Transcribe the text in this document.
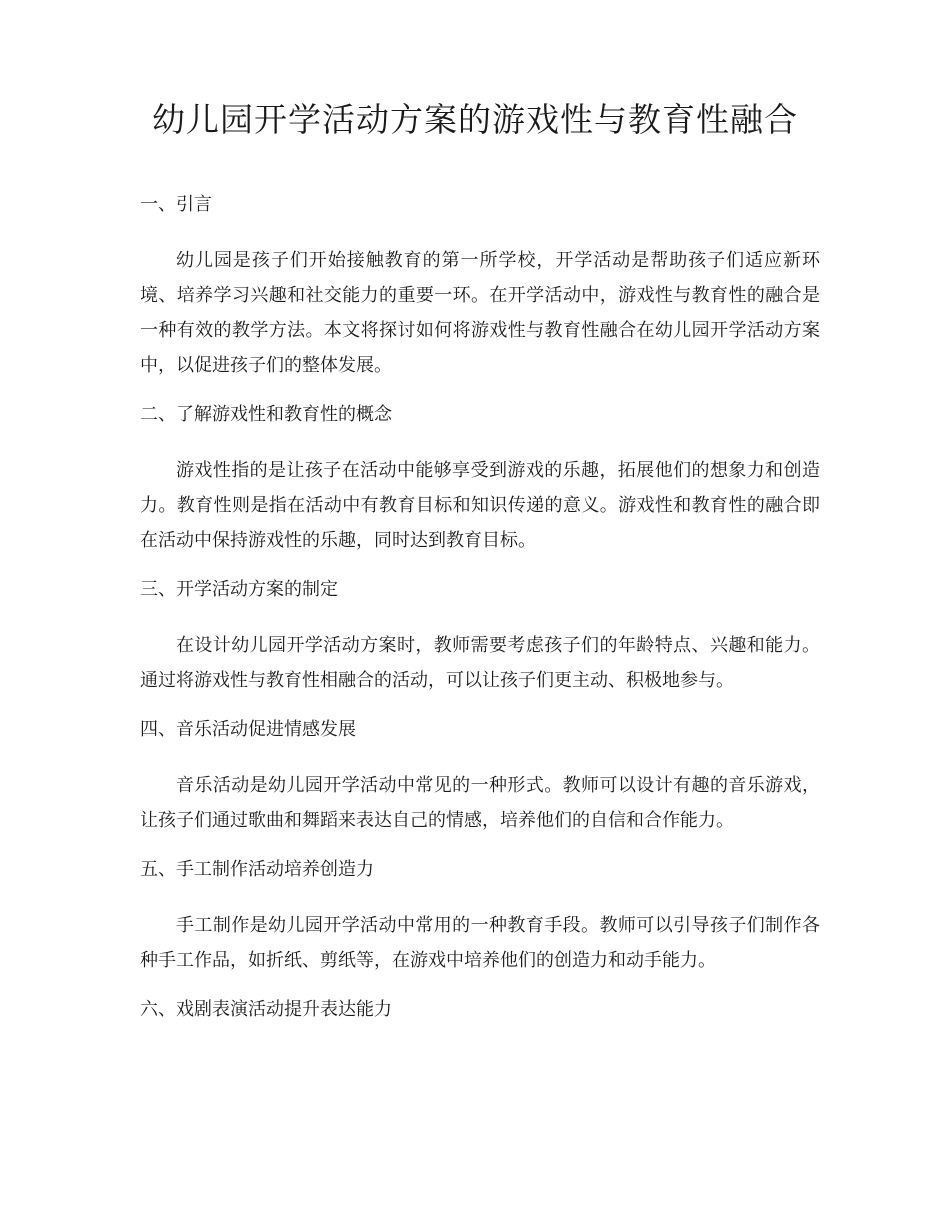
幼儿园开学活动方案的游戏性与教育性融合
一、引言

幼儿园是孩子们开始接触教育的第一所学校，开学活动是帮助孩子们适应新环境、培养学习兴趣和社交能力的重要一环。在开学活动中，游戏性与教育性的融合是一种有效的教学方法。本文将探讨如何将游戏性与教育性融合在幼儿园开学活动方案中，以促进孩子们的整体发展。

二、了解游戏性和教育性的概念

游戏性指的是让孩子在活动中能够享受到游戏的乐趣，拓展他们的想象力和创造力。教育性则是指在活动中有教育目标和知识传递的意义。游戏性和教育性的融合即在活动中保持游戏性的乐趣，同时达到教育目标。

三、开学活动方案的制定

在设计幼儿园开学活动方案时，教师需要考虑孩子们的年龄特点、兴趣和能力。通过将游戏性与教育性相融合的活动，可以让孩子们更主动、积极地参与。

四、音乐活动促进情感发展

音乐活动是幼儿园开学活动中常见的一种形式。教师可以设计有趣的音乐游戏，让孩子们通过歌曲和舞蹈来表达自己的情感，培养他们的自信和合作能力。

五、手工制作活动培养创造力

手工制作是幼儿园开学活动中常用的一种教育手段。教师可以引导孩子们制作各种手工作品，如折纸、剪纸等，在游戏中培养他们的创造力和动手能力。

六、戏剧表演活动提升表达能力
